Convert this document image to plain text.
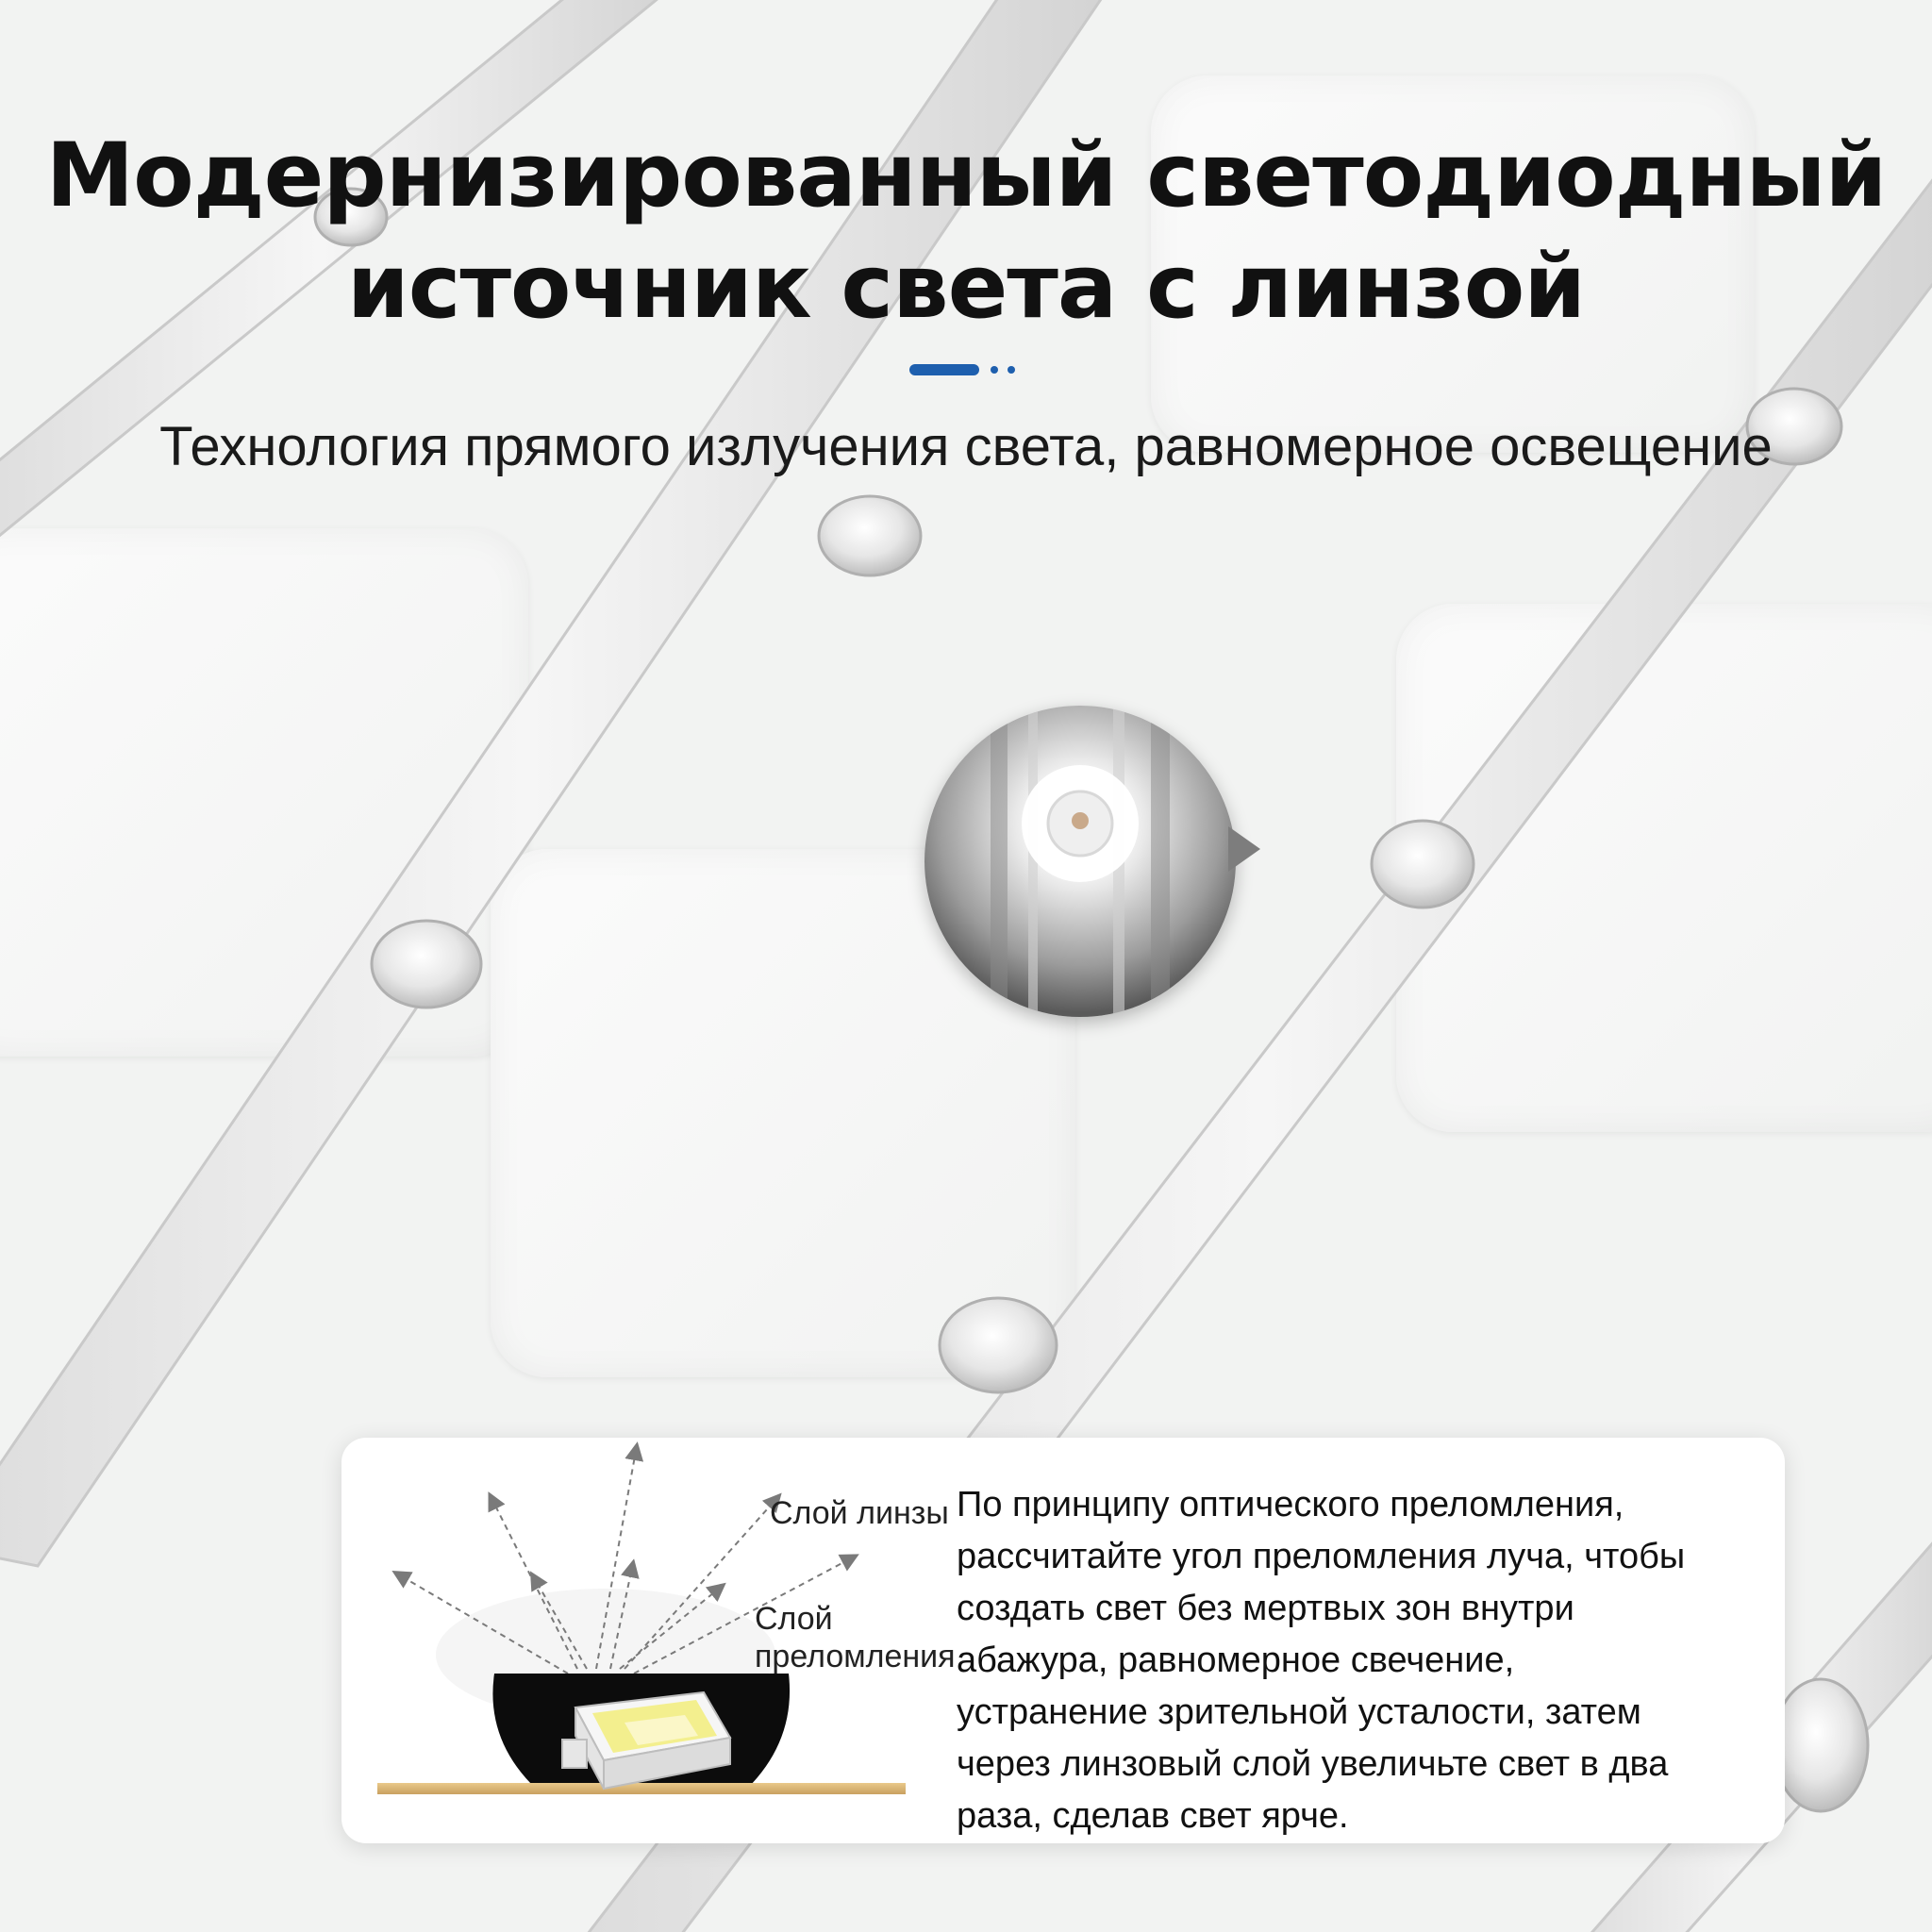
Модернизированный светодиодный
источник света с линзой
Технология прямого излучения света, равномерное освещение
Слой линзы
Слой
преломления
По принципу оптического преломления,
рассчитайте угол преломления луча, чтобы
создать свет без мертвых зон внутри
абажура, равномерное свечение,
устранение зрительной усталости, затем
через линзовый слой увеличьте свет в два
раза, сделав свет ярче.
